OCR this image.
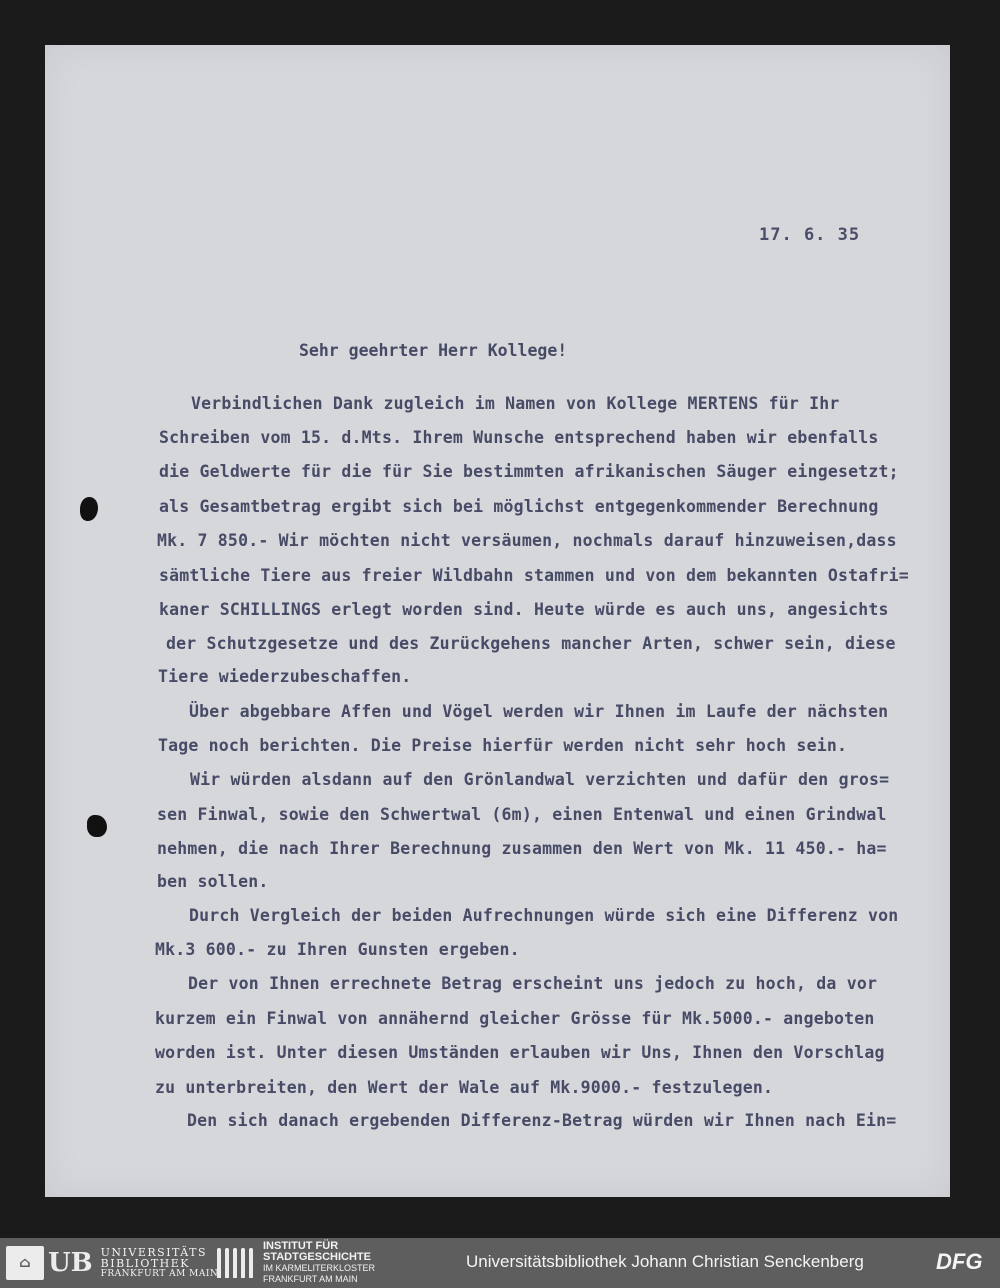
17. 6. 35
Sehr geehrter Herr Kollege!
Verbindlichen Dank zugleich im Namen von Kollege MERTENS für Ihr
Schreiben vom 15. d.Mts. Ihrem Wunsche entsprechend haben wir ebenfalls
die Geldwerte für die für Sie bestimmten afrikanischen Säuger eingesetzt;
als Gesamtbetrag ergibt sich bei möglichst entgegenkommender Berechnung
Mk. 7 850.- Wir möchten nicht versäumen, nochmals darauf hinzuweisen,dass
sämtliche Tiere aus freier Wildbahn stammen und von dem bekannten Ostafri=
kaner SCHILLINGS erlegt worden sind. Heute würde es auch uns, angesichts
der Schutzgesetze und des Zurückgehens mancher Arten, schwer sein, diese
Tiere wiederzubeschaffen.
Über abgebbare Affen und Vögel werden wir Ihnen im Laufe der nächsten
Tage noch berichten. Die Preise hierfür werden nicht sehr hoch sein.
Wir würden alsdann auf den Grönlandwal verzichten und dafür den gros=
sen Finwal, sowie den Schwertwal (6m), einen Entenwal und einen Grindwal
nehmen, die nach Ihrer Berechnung zusammen den Wert von Mk. 11 450.- ha=
ben sollen.
Durch Vergleich der beiden Aufrechnungen würde sich eine Differenz von
Mk.3 600.- zu Ihren Gunsten ergeben.
Der von Ihnen errechnete Betrag erscheint uns jedoch zu hoch, da vor
kurzem ein Finwal von annähernd gleicher Grösse für Mk.5000.- angeboten
worden ist. Unter diesen Umständen erlauben wir Uns, Ihnen den Vorschlag
zu unterbreiten, den Wert der Wale auf Mk.9000.- festzulegen.
Den sich danach ergebenden Differenz-Betrag würden wir Ihnen nach Ein=
⌂ UB UNIVERSITÄTS
BIBLIOTHEK
FRANKFURT AM MAIN
INSTITUT FÜR
STADTGESCHICHTE
IM KARMELITERKLOSTER
FRANKFURT AM MAIN
Universitätsbibliothek Johann Christian Senckenberg	DFG
